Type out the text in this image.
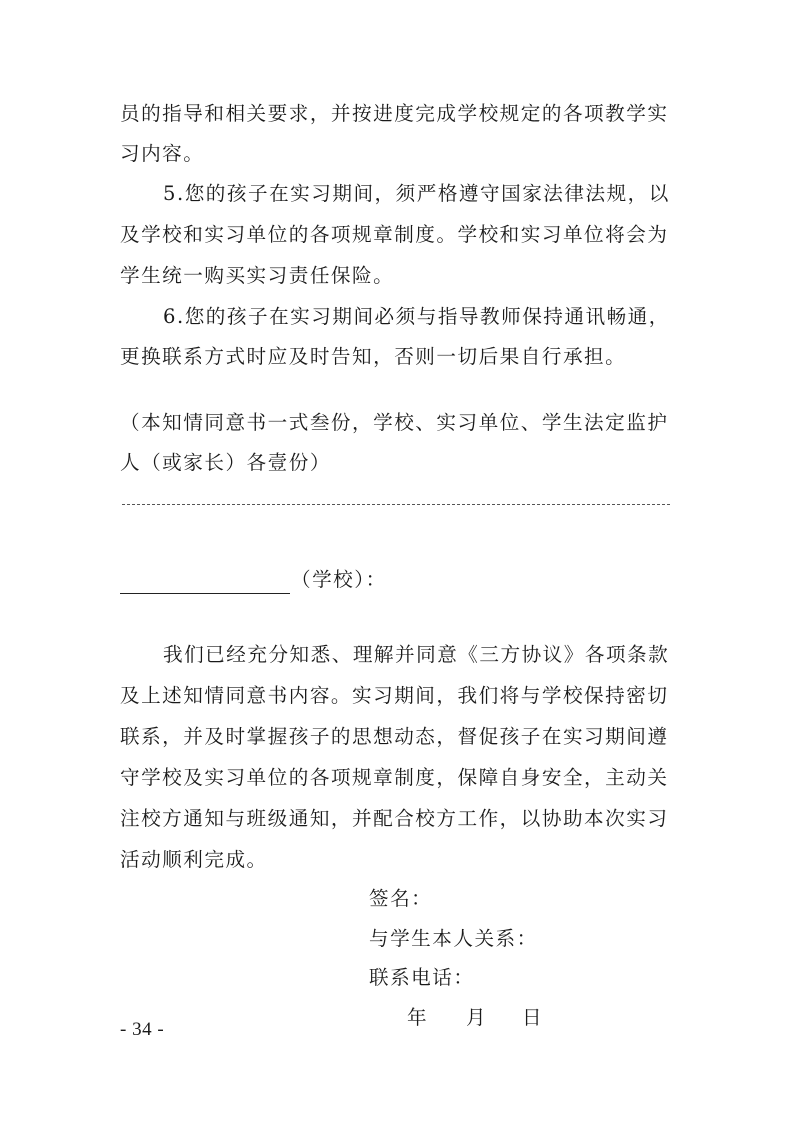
员的指导和相关要求，并按进度完成学校规定的各项教学实
习内容。
5.您的孩子在实习期间，须严格遵守国家法律法规，以
及学校和实习单位的各项规章制度。学校和实习单位将会为
学生统一购买实习责任保险。
6.您的孩子在实习期间必须与指导教师保持通讯畅通，
更换联系方式时应及时告知，否则一切后果自行承担。
（本知情同意书一式叁份，学校、实习单位、学生法定监护
人（或家长）各壹份）
（学校）：
我们已经充分知悉、理解并同意《三方协议》各项条款
及上述知情同意书内容。实习期间，我们将与学校保持密切
联系，并及时掌握孩子的思想动态，督促孩子在实习期间遵
守学校及实习单位的各项规章制度，保障自身安全，主动关
注校方通知与班级通知，并配合校方工作，以协助本次实习
活动顺利完成。
签名：
与学生本人关系：
联系电话：
年 月 日
- 34 -
